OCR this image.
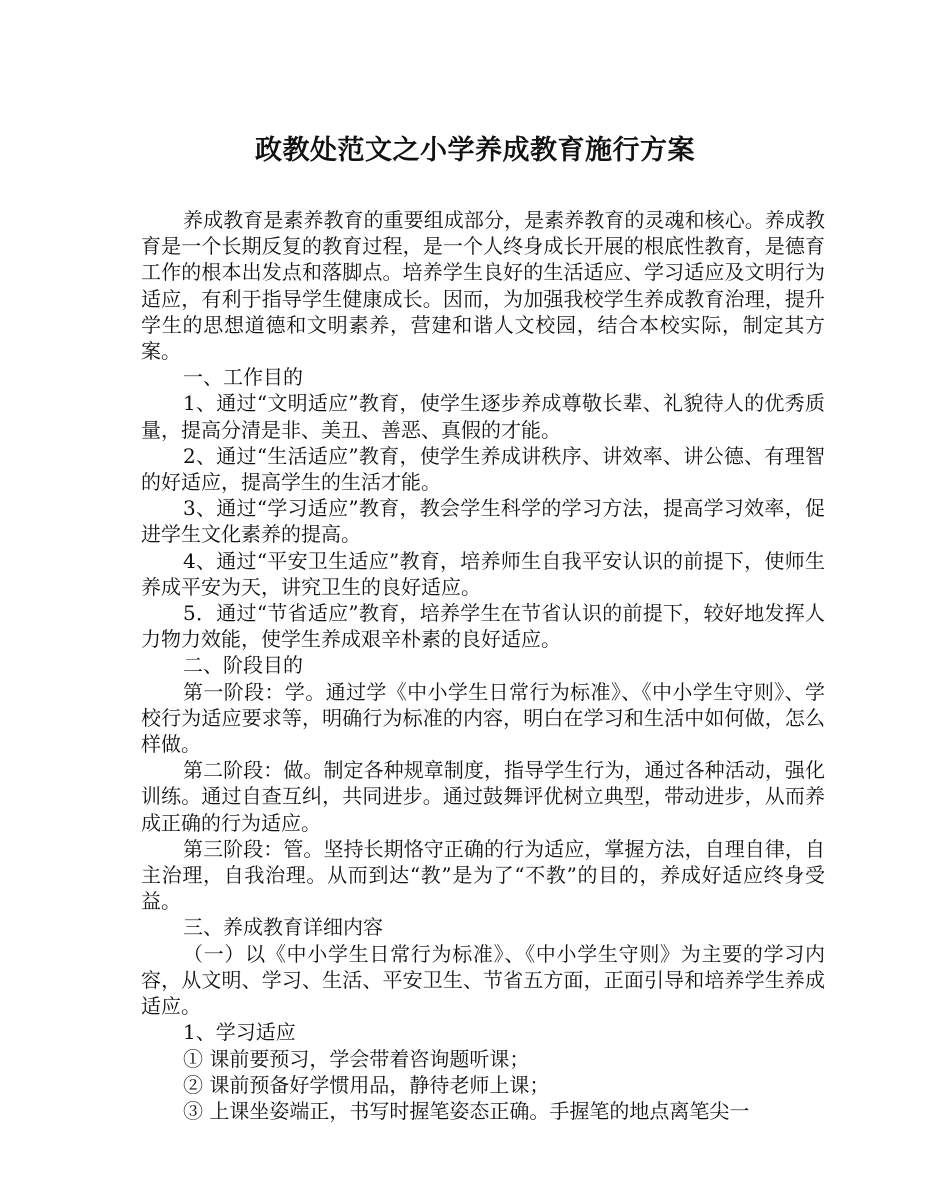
政教处范文之小学养成教育施行方案

养成教育是素养教育的重要组成部分，是素养教育的灵魂和核心。养成教育是一个长期反复的教育过程，是一个人终身成长开展的根底性教育，是德育工作的根本出发点和落脚点。培养学生良好的生活适应、学习适应及文明行为适应，有利于指导学生健康成长。因而，为加强我校学生养成教育治理，提升学生的思想道德和文明素养，营建和谐人文校园，结合本校实际，制定其方案。

一、工作目的

1、通过“文明适应”教育，使学生逐步养成尊敬长辈、礼貌待人的优秀质量，提高分清是非、美丑、善恶、真假的才能。

2、通过“生活适应”教育，使学生养成讲秩序、讲效率、讲公德、有理智的好适应，提高学生的生活才能。

3、通过“学习适应”教育，教会学生科学的学习方法，提高学习效率，促进学生文化素养的提高。

4、通过“平安卫生适应”教育，培养师生自我平安认识的前提下，使师生养成平安为天，讲究卫生的良好适应。

5．通过“节省适应”教育，培养学生在节省认识的前提下，较好地发挥人力物力效能，使学生养成艰辛朴素的良好适应。

二、阶段目的

第一阶段：学。通过学《中小学生日常行为标准》、《中小学生守则》、学校行为适应要求等，明确行为标准的内容，明白在学习和生活中如何做，怎么样做。

第二阶段：做。制定各种规章制度，指导学生行为，通过各种活动，强化训练。通过自查互纠，共同进步。通过鼓舞评优树立典型，带动进步，从而养成正确的行为适应。

第三阶段：管。坚持长期恪守正确的行为适应，掌握方法，自理自律，自主治理，自我治理。从而到达“教”是为了“不教”的目的，养成好适应终身受益。

三、养成教育详细内容

（一）以《中小学生日常行为标准》、《中小学生守则》为主要的学习内容，从文明、学习、生活、平安卫生、节省五方面，正面引导和培养学生养成适应。

1、学习适应

① 课前要预习，学会带着咨询题听课；

② 课前预备好学惯用品，静待老师上课；

③ 上课坐姿端正，书写时握笔姿态正确。手握笔的地点离笔尖一
